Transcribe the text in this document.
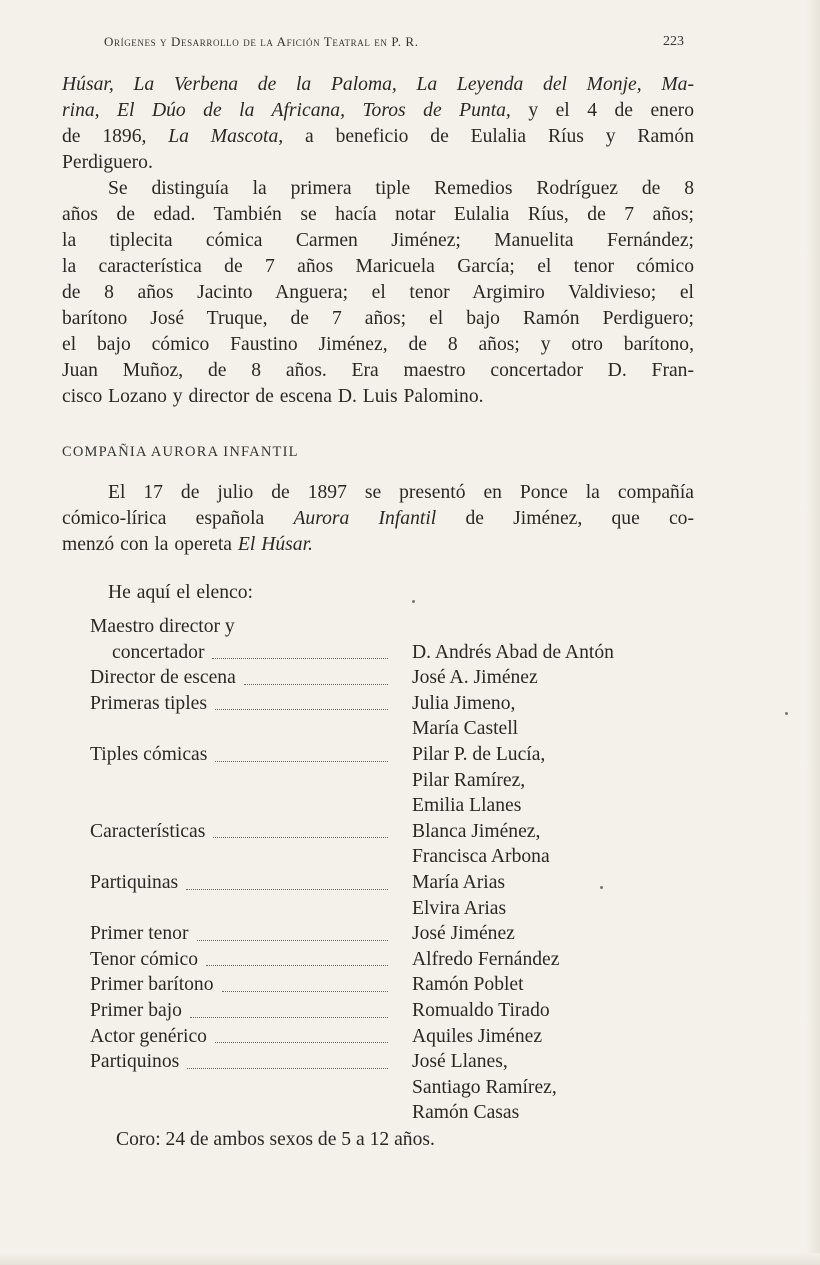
Orígenes y Desarrollo de la Afición Teatral en P. R.	223
Húsar, La Verbena de la Paloma, La Leyenda del Monje, Ma-
rina, El Dúo de la Africana, Toros de Punta, y el 4 de enero
de 1896, La Mascota, a beneficio de Eulalia Ríus y Ramón
Perdiguero.
Se distinguía la primera tiple Remedios Rodríguez de 8
años de edad. También se hacía notar Eulalia Ríus, de 7 años;
la tiplecita cómica Carmen Jiménez; Manuelita Fernández;
la característica de 7 años Maricuela García; el tenor cómico
de 8 años Jacinto Anguera; el tenor Argimiro Valdivieso; el
barítono José Truque, de 7 años; el bajo Ramón Perdiguero;
el bajo cómico Faustino Jiménez, de 8 años; y otro barítono,
Juan Muñoz, de 8 años. Era maestro concertador D. Fran-
cisco Lozano y director de escena D. Luis Palomino.
COMPAÑIA AURORA INFANTIL
El 17 de julio de 1897 se presentó en Ponce la compañía
cómico-lírica española Aurora Infantil de Jiménez, que co-
menzó con la opereta El Húsar.
He aquí el elenco:
Maestro director y
concertador	D. Andrés Abad de Antón
Director de escena	José A. Jiménez
Primeras tiples	Julia Jimeno,
María Castell
Tiples cómicas	Pilar P. de Lucía,
Pilar Ramírez,
Emilia Llanes
Características	Blanca Jiménez,
Francisca Arbona
Partiquinas	María Arias
Elvira Arias
Primer tenor	José Jiménez
Tenor cómico	Alfredo Fernández
Primer barítono	Ramón Poblet
Primer bajo	Romualdo Tirado
Actor genérico	Aquiles Jiménez
Partiquinos	José Llanes,
Santiago Ramírez,
Ramón Casas
Coro: 24 de ambos sexos de 5 a 12 años.
